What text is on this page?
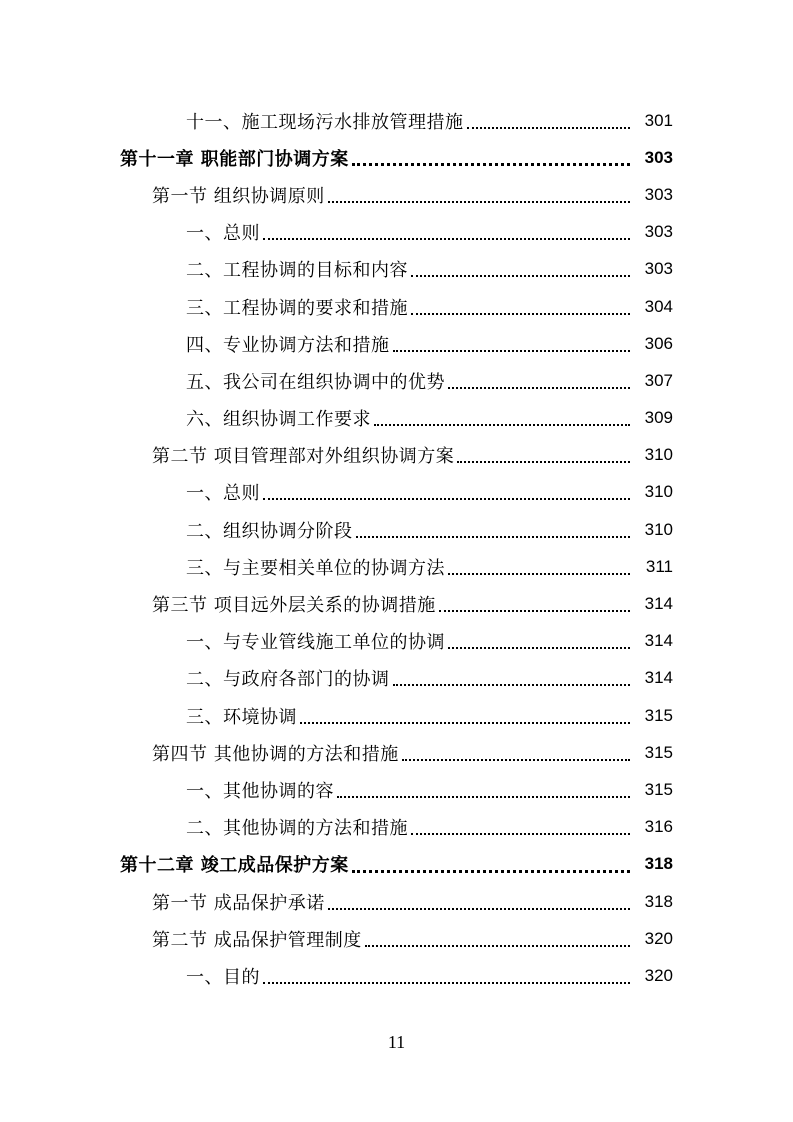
十一、施工现场污水排放管理措施	301
第十一章 职能部门协调方案	303
第一节 组织协调原则	303
一、总则	303
二、工程协调的目标和内容	303
三、工程协调的要求和措施	304
四、专业协调方法和措施	306
五、我公司在组织协调中的优势	307
六、组织协调工作要求	309
第二节 项目管理部对外组织协调方案	310
一、总则	310
二、组织协调分阶段	310
三、与主要相关单位的协调方法	311
第三节 项目远外层关系的协调措施	314
一、与专业管线施工单位的协调	314
二、与政府各部门的协调	314
三、环境协调	315
第四节 其他协调的方法和措施	315
一、其他协调的容	315
二、其他协调的方法和措施	316
第十二章 竣工成品保护方案	318
第一节 成品保护承诺	318
第二节 成品保护管理制度	320
一、目的	320
11
